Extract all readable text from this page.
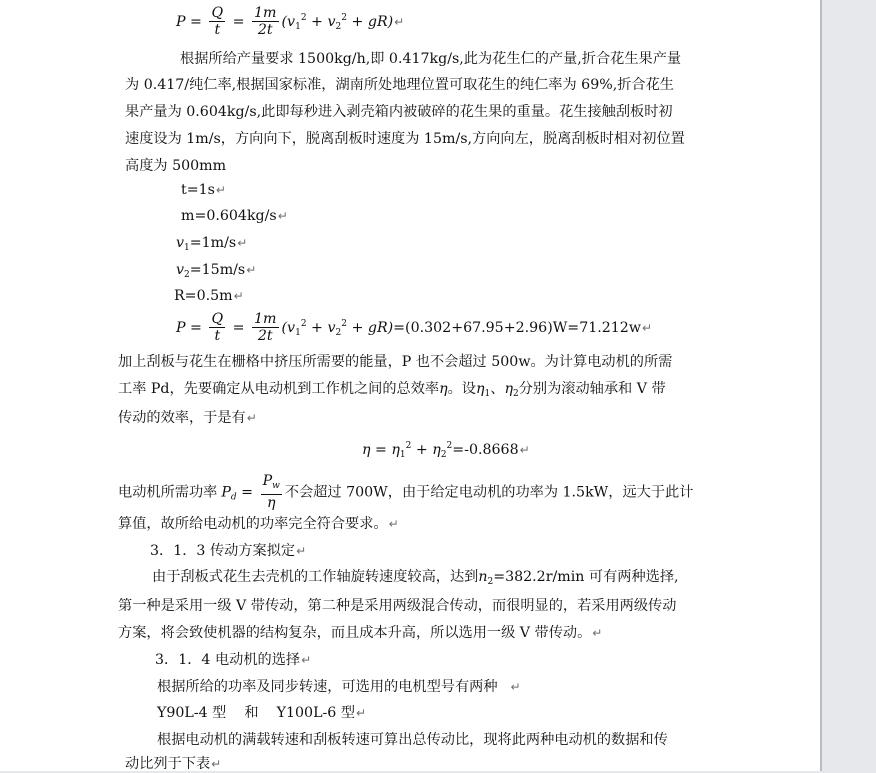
$P = \frac{Q}{t} = \frac{1m}{2t} (v_1^2 + v_2^2$ + gR)↵
根据所给产量要求 1500kg/h,即 0.417kg/s,此为花生仁的产量,折合花生果产量
为 0.417/纯仁率,根据国家标准，湖南所处地理位置可取花生的纯仁率为 69%,折合花生
果产量为 0.604kg/s,此即每秒进入剥壳箱内被破碎的花生果的重量。花生接触刮板时初
速度设为 1m/s，方向向下，脱离刮板时速度为 15m/s,方向向左，脱离刮板时相对初位置
高度为 500mm
t=1s↵
m=0.604kg/s↵
$v_1=1m/s↵$
$v_2=15m/s↵$
R=0.5m↵
$P = \frac{Q}{t} = \frac{1m}{2t} (v_1^2 + v_2^2$ + gR)=(0.302+67.95+2.96)W=71.212w↵
加上刮板与花生在栅格中挤压所需要的能量，P 也不会超过 500w。为计算电动机的所需
工率 Pd，先要确定从电动机到工作机之间的总效率η。设$\eta_1$、$\eta_2$分别为滚动轴承和 V 带
传动的效率，于是有↵
$\eta = \eta_1^2$ + $\eta_2^2=-0.8668↵$
电动机所需功率 $P_d = \frac{P_w}{\eta}$ 不会超过 700W，由于给定电动机的功率为 1.5kW，远大于此计
算值，故所给电动机的功率完全符合要求。↵
3．1．3 传动方案拟定↵
由于刮板式花生去壳机的工作轴旋转速度较高，达到$n_2=382.2r/\min$ 可有两种选择,
第一种是采用一级 V 带传动，第二种是采用两级混合传动，而很明显的，若采用两级传动
方案，将会致使机器的结构复杂，而且成本升高，所以选用一级 V 带传动。↵
3．1．4 电动机的选择↵
根据所给的功率及同步转速，可选用的电机型号有两种 ↵
Y90L-4 型    和    Y100L-6 型↵
根据电动机的满载转速和刮板转速可算出总传动比，现将此两种电动机的数据和传
动比列于下表↵
